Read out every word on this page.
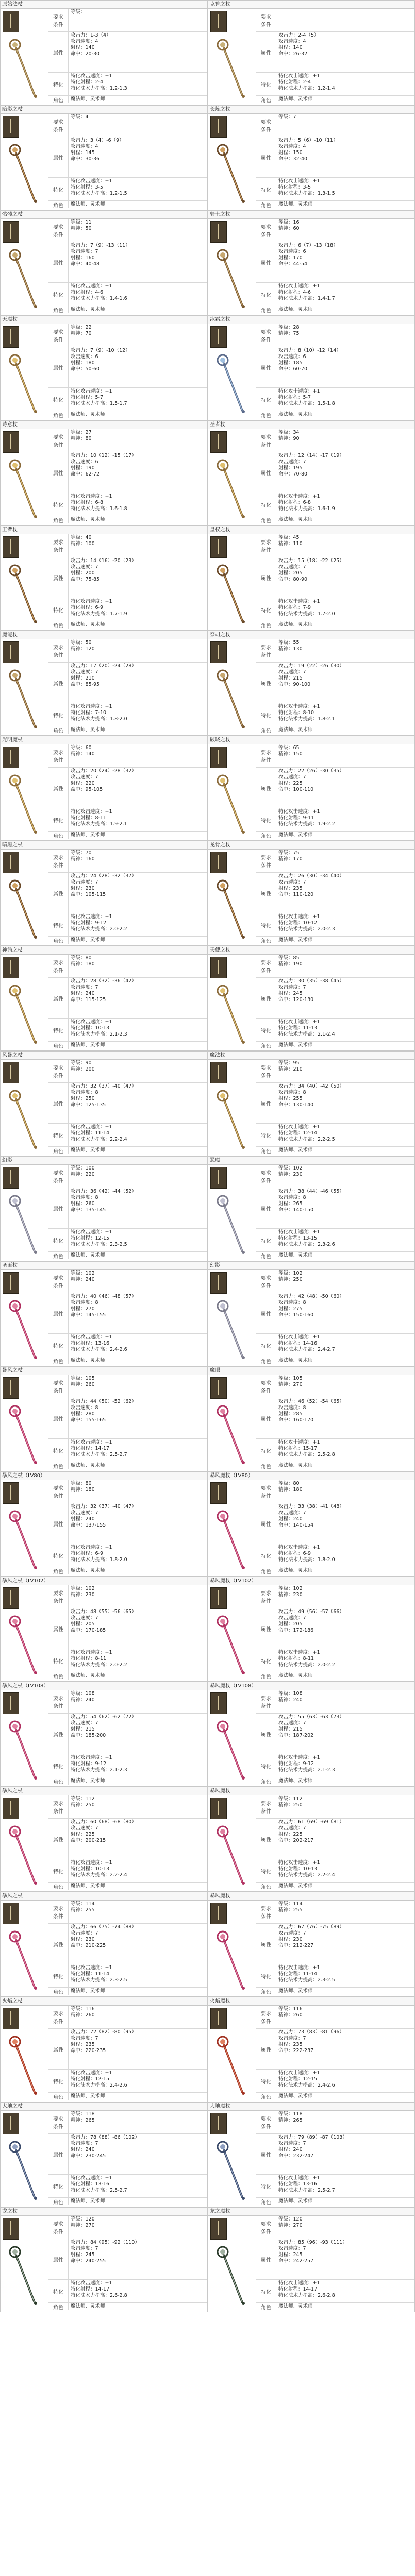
原始法杖
要求
条件
等级：
属性
攻击力：1-3（4）
攻击速度：4
射程：140
命中：20-30
特化
特化攻击速度：+1
特化射程：2-4
特化法术力提高：1.2-1.3
角色	魔法师、灵术师
克鲁之杖
要求
条件
属性
攻击力：2-4（5）
攻击速度：4
射程：140
命中：26-32
特化
特化攻击速度：+1
特化射程：2-4
特化法术力提高：1.2-1.4
角色	魔法师、灵术师
暗影之杖
要求
条件
等级：4
属性
攻击力：3（4）-6（9）
攻击速度：4
射程：145
命中：30-36
特化
特化攻击速度：+1
特化射程：3-5
特化法术力提高：1.2-1.5
角色	魔法师、灵术师
长炼之杖
要求
条件
等级：7
属性
攻击力：5（6）-10（11）
攻击速度：4
射程：150
命中：32-40
特化
特化攻击速度：+1
特化射程：3-5
特化法术力提高：1.3-1.5
角色	魔法师、灵术师
骷髅之杖
要求
条件
等级：11
精神：50
属性
攻击力：7（9）-13（11）
攻击速度：7
射程：160
命中：40-48
特化
特化攻击速度：+1
特化射程：4-6
特化法术力提高：1.4-1.6
角色	魔法师、灵术师
骑士之杖
要求
条件
等级：16
精神：60
属性
攻击力：6（7）-13（18）
攻击速度：6
射程：170
命中：44-54
特化
特化攻击速度：+1
特化射程：4-6
特化法术力提高：1.4-1.7
角色	魔法师、灵术师
天魔杖
要求
条件
等级：22
精神：70
属性
攻击力：7（9）-10（12）
攻击速度：6
射程：180
命中：50-60
特化
特化攻击速度：+1
特化射程：5-7
特化法术力提高：1.5-1.7
角色	魔法师、灵术师
冰霜之杖
要求
条件
等级：28
精神：75
属性
攻击力：8（10）-12（14）
攻击速度：6
射程：185
命中：60-70
特化
特化攻击速度：+1
特化射程：5-7
特化法术力提高：1.5-1.8
角色	魔法师、灵术师
诗意杖
要求
条件
等级：27
精神：80
属性
攻击力：10（12）-15（17）
攻击速度：6
射程：190
命中：62-72
特化
特化攻击速度：+1
特化射程：6-8
特化法术力提高：1.6-1.8
角色	魔法师、灵术师
圣者杖
要求
条件
等级：34
精神：90
属性
攻击力：12（14）-17（19）
攻击速度：7
射程：195
命中：70-80
特化
特化攻击速度：+1
特化射程：6-8
特化法术力提高：1.6-1.9
角色	魔法师、灵术师
王者杖
要求
条件
等级：40
精神：100
属性
攻击力：14（16）-20（23）
攻击速度：7
射程：200
命中：75-85
特化
特化攻击速度：+1
特化射程：6-9
特化法术力提高：1.7-1.9
角色	魔法师、灵术师
皇权之杖
要求
条件
等级：45
精神：110
属性
攻击力：15（18）-22（25）
攻击速度：7
射程：205
命中：80-90
特化
特化攻击速度：+1
特化射程：7-9
特化法术力提高：1.7-2.0
角色	魔法师、灵术师
魔能杖
要求
条件
等级：50
精神：120
属性
攻击力：17（20）-24（28）
攻击速度：7
射程：210
命中：85-95
特化
特化攻击速度：+1
特化射程：7-10
特化法术力提高：1.8-2.0
角色	魔法师、灵术师
祭司之杖
要求
条件
等级：55
精神：130
属性
攻击力：19（22）-26（30）
攻击速度：7
射程：215
命中：90-100
特化
特化攻击速度：+1
特化射程：8-10
特化法术力提高：1.8-2.1
角色	魔法师、灵术师
光明魔杖
要求
条件
等级：60
精神：140
属性
攻击力：20（24）-28（32）
攻击速度：7
射程：220
命中：95-105
特化
特化攻击速度：+1
特化射程：8-11
特化法术力提高：1.9-2.1
角色	魔法师、灵术师
破晓之杖
要求
条件
等级：65
精神：150
属性
攻击力：22（26）-30（35）
攻击速度：7
射程：225
命中：100-110
特化
特化攻击速度：+1
特化射程：9-11
特化法术力提高：1.9-2.2
角色	魔法师、灵术师
暗黑之杖
要求
条件
等级：70
精神：160
属性
攻击力：24（28）-32（37）
攻击速度：7
射程：230
命中：105-115
特化
特化攻击速度：+1
特化射程：9-12
特化法术力提高：2.0-2.2
角色	魔法师、灵术师
龙骨之杖
要求
条件
等级：75
精神：170
属性
攻击力：26（30）-34（40）
攻击速度：7
射程：235
命中：110-120
特化
特化攻击速度：+1
特化射程：10-12
特化法术力提高：2.0-2.3
角色	魔法师、灵术师
神谕之杖
要求
条件
等级：80
精神：180
属性
攻击力：28（32）-36（42）
攻击速度：7
射程：240
命中：115-125
特化
特化攻击速度：+1
特化射程：10-13
特化法术力提高：2.1-2.3
角色	魔法师、灵术师
天使之杖
要求
条件
等级：85
精神：190
属性
攻击力：30（35）-38（45）
攻击速度：7
射程：245
命中：120-130
特化
特化攻击速度：+1
特化射程：11-13
特化法术力提高：2.1-2.4
角色	魔法师、灵术师
风暴之杖
要求
条件
等级：90
精神：200
属性
攻击力：32（37）-40（47）
攻击速度：8
射程：250
命中：125-135
特化
特化攻击速度：+1
特化射程：11-14
特化法术力提高：2.2-2.4
角色	魔法师、灵术师
魔法杖
要求
条件
等级：95
精神：210
属性
攻击力：34（40）-42（50）
攻击速度：8
射程：255
命中：130-140
特化
特化攻击速度：+1
特化射程：12-14
特化法术力提高：2.2-2.5
角色	魔法师、灵术师
幻影
要求
条件
等级：100
精神：220
属性
攻击力：36（42）-44（52）
攻击速度：8
射程：260
命中：135-145
特化
特化攻击速度：+1
特化射程：12-15
特化法术力提高：2.3-2.5
角色	魔法师、灵术师
恶魔
要求
条件
等级：102
精神：230
属性
攻击力：38（44）-46（55）
攻击速度：8
射程：265
命中：140-150
特化
特化攻击速度：+1
特化射程：13-15
特化法术力提高：2.3-2.6
角色	魔法师、灵术师
圣诞杖
要求
条件
等级：102
精神：240
属性
攻击力：40（46）-48（57）
攻击速度：8
射程：270
命中：145-155
特化
特化攻击速度：+1
特化射程：13-16
特化法术力提高：2.4-2.6
角色	魔法师、灵术师
幻影
要求
条件
等级：102
精神：250
属性
攻击力：42（48）-50（60）
攻击速度：8
射程：275
命中：150-160
特化
特化攻击速度：+1
特化射程：14-16
特化法术力提高：2.4-2.7
角色	魔法师、灵术师
暴风之杖
要求
条件
等级：105
精神：260
属性
攻击力：44（50）-52（62）
攻击速度：8
射程：280
命中：155-165
特化
特化攻击速度：+1
特化射程：14-17
特化法术力提高：2.5-2.7
角色	魔法师、灵术师
魔眼
要求
条件
等级：105
精神：270
属性
攻击力：46（52）-54（65）
攻击速度：8
射程：285
命中：160-170
特化
特化攻击速度：+1
特化射程：15-17
特化法术力提高：2.5-2.8
角色	魔法师、灵术师
暴风之杖（LV80）
要求
条件
等级：80
精神：180
属性
攻击力：32（37）-40（47）
攻击速度：7
射程：240
命中：137-155
特化
特化攻击速度：+1
特化射程：6-9
特化法术力提高：1.8-2.0
角色	魔法师、灵术师
暴风魔杖（LV80）
要求
条件
等级：80
精神：180
属性
攻击力：33（38）-41（48）
攻击速度：7
射程：240
命中：140-154
特化
特化攻击速度：+1
特化射程：6-9
特化法术力提高：1.8-2.0
角色	魔法师、灵术师
暴风之杖（LV102）
要求
条件
等级：102
精神：230
属性
攻击力：48（55）-56（65）
攻击速度：7
射程：205
命中：170-185
特化
特化攻击速度：+1
特化射程：8-11
特化法术力提高：2.0-2.2
角色	魔法师、灵术师
暴风魔杖（LV102）
要求
条件
等级：102
精神：230
属性
攻击力：49（56）-57（66）
攻击速度：7
射程：205
命中：172-186
特化
特化攻击速度：+1
特化射程：8-11
特化法术力提高：2.0-2.2
角色	魔法师、灵术师
暴风之杖（LV108）
要求
条件
等级：108
精神：240
属性
攻击力：54（62）-62（72）
攻击速度：7
射程：215
命中：185-200
特化
特化攻击速度：+1
特化射程：9-12
特化法术力提高：2.1-2.3
角色	魔法师、灵术师
暴风魔杖（LV108）
要求
条件
等级：108
精神：240
属性
攻击力：55（63）-63（73）
攻击速度：7
射程：215
命中：187-202
特化
特化攻击速度：+1
特化射程：9-12
特化法术力提高：2.1-2.3
角色	魔法师、灵术师
暴风之杖
要求
条件
等级：112
精神：250
属性
攻击力：60（68）-68（80）
攻击速度：7
射程：225
命中：200-215
特化
特化攻击速度：+1
特化射程：10-13
特化法术力提高：2.2-2.4
角色	魔法师、灵术师
暴风魔杖
要求
条件
等级：112
精神：250
属性
攻击力：61（69）-69（81）
攻击速度：7
射程：225
命中：202-217
特化
特化攻击速度：+1
特化射程：10-13
特化法术力提高：2.2-2.4
角色	魔法师、灵术师
暴风之杖
要求
条件
等级：114
精神：255
属性
攻击力：66（75）-74（88）
攻击速度：7
射程：230
命中：210-225
特化
特化攻击速度：+1
特化射程：11-14
特化法术力提高：2.3-2.5
角色	魔法师、灵术师
暴风魔杖
要求
条件
等级：114
精神：255
属性
攻击力：67（76）-75（89）
攻击速度：7
射程：230
命中：212-227
特化
特化攻击速度：+1
特化射程：11-14
特化法术力提高：2.3-2.5
角色	魔法师、灵术师
火焰之杖
要求
条件
等级：116
精神：260
属性
攻击力：72（82）-80（95）
攻击速度：7
射程：235
命中：220-235
特化
特化攻击速度：+1
特化射程：12-15
特化法术力提高：2.4-2.6
角色	魔法师、灵术师
火焰魔杖
要求
条件
等级：116
精神：260
属性
攻击力：73（83）-81（96）
攻击速度：7
射程：235
命中：222-237
特化
特化攻击速度：+1
特化射程：12-15
特化法术力提高：2.4-2.6
角色	魔法师、灵术师
大地之杖
要求
条件
等级：118
精神：265
属性
攻击力：78（88）-86（102）
攻击速度：7
射程：240
命中：230-245
特化
特化攻击速度：+1
特化射程：13-16
特化法术力提高：2.5-2.7
角色	魔法师、灵术师
大地魔杖
要求
条件
等级：118
精神：265
属性
攻击力：79（89）-87（103）
攻击速度：7
射程：240
命中：232-247
特化
特化攻击速度：+1
特化射程：13-16
特化法术力提高：2.5-2.7
角色	魔法师、灵术师
龙之杖
要求
条件
等级：120
精神：270
属性
攻击力：84（95）-92（110）
攻击速度：7
射程：245
命中：240-255
特化
特化攻击速度：+1
特化射程：14-17
特化法术力提高：2.6-2.8
角色	魔法师、灵术师
龙之魔杖
要求
条件
等级：120
精神：270
属性
攻击力：85（96）-93（111）
攻击速度：7
射程：245
命中：242-257
特化
特化攻击速度：+1
特化射程：14-17
特化法术力提高：2.6-2.8
角色	魔法师、灵术师
